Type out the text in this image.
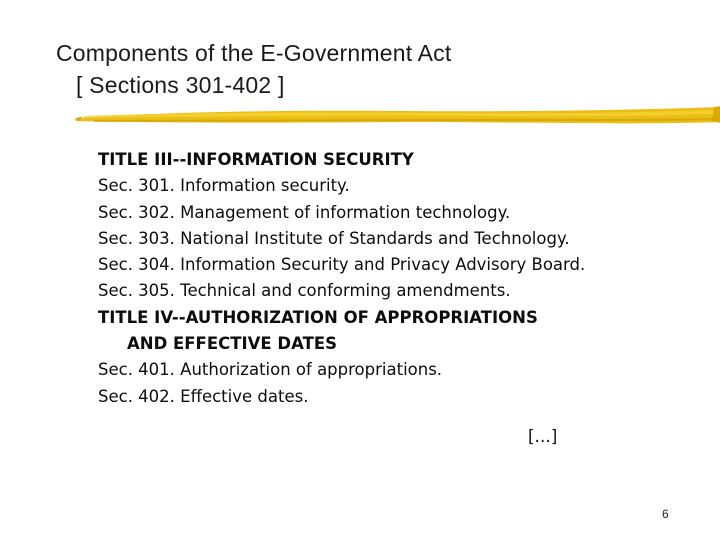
Components of the E-Government Act
[ Sections 301-402 ]
TITLE III--INFORMATION SECURITY
Sec. 301. Information security.
Sec. 302. Management of information technology.
Sec. 303. National Institute of Standards and Technology.
Sec. 304. Information Security and Privacy Advisory Board.
Sec. 305. Technical and conforming amendments.
TITLE IV--AUTHORIZATION OF APPROPRIATIONS
AND EFFECTIVE DATES
Sec. 401. Authorization of appropriations.
Sec. 402. Effective dates.
[…]
6
